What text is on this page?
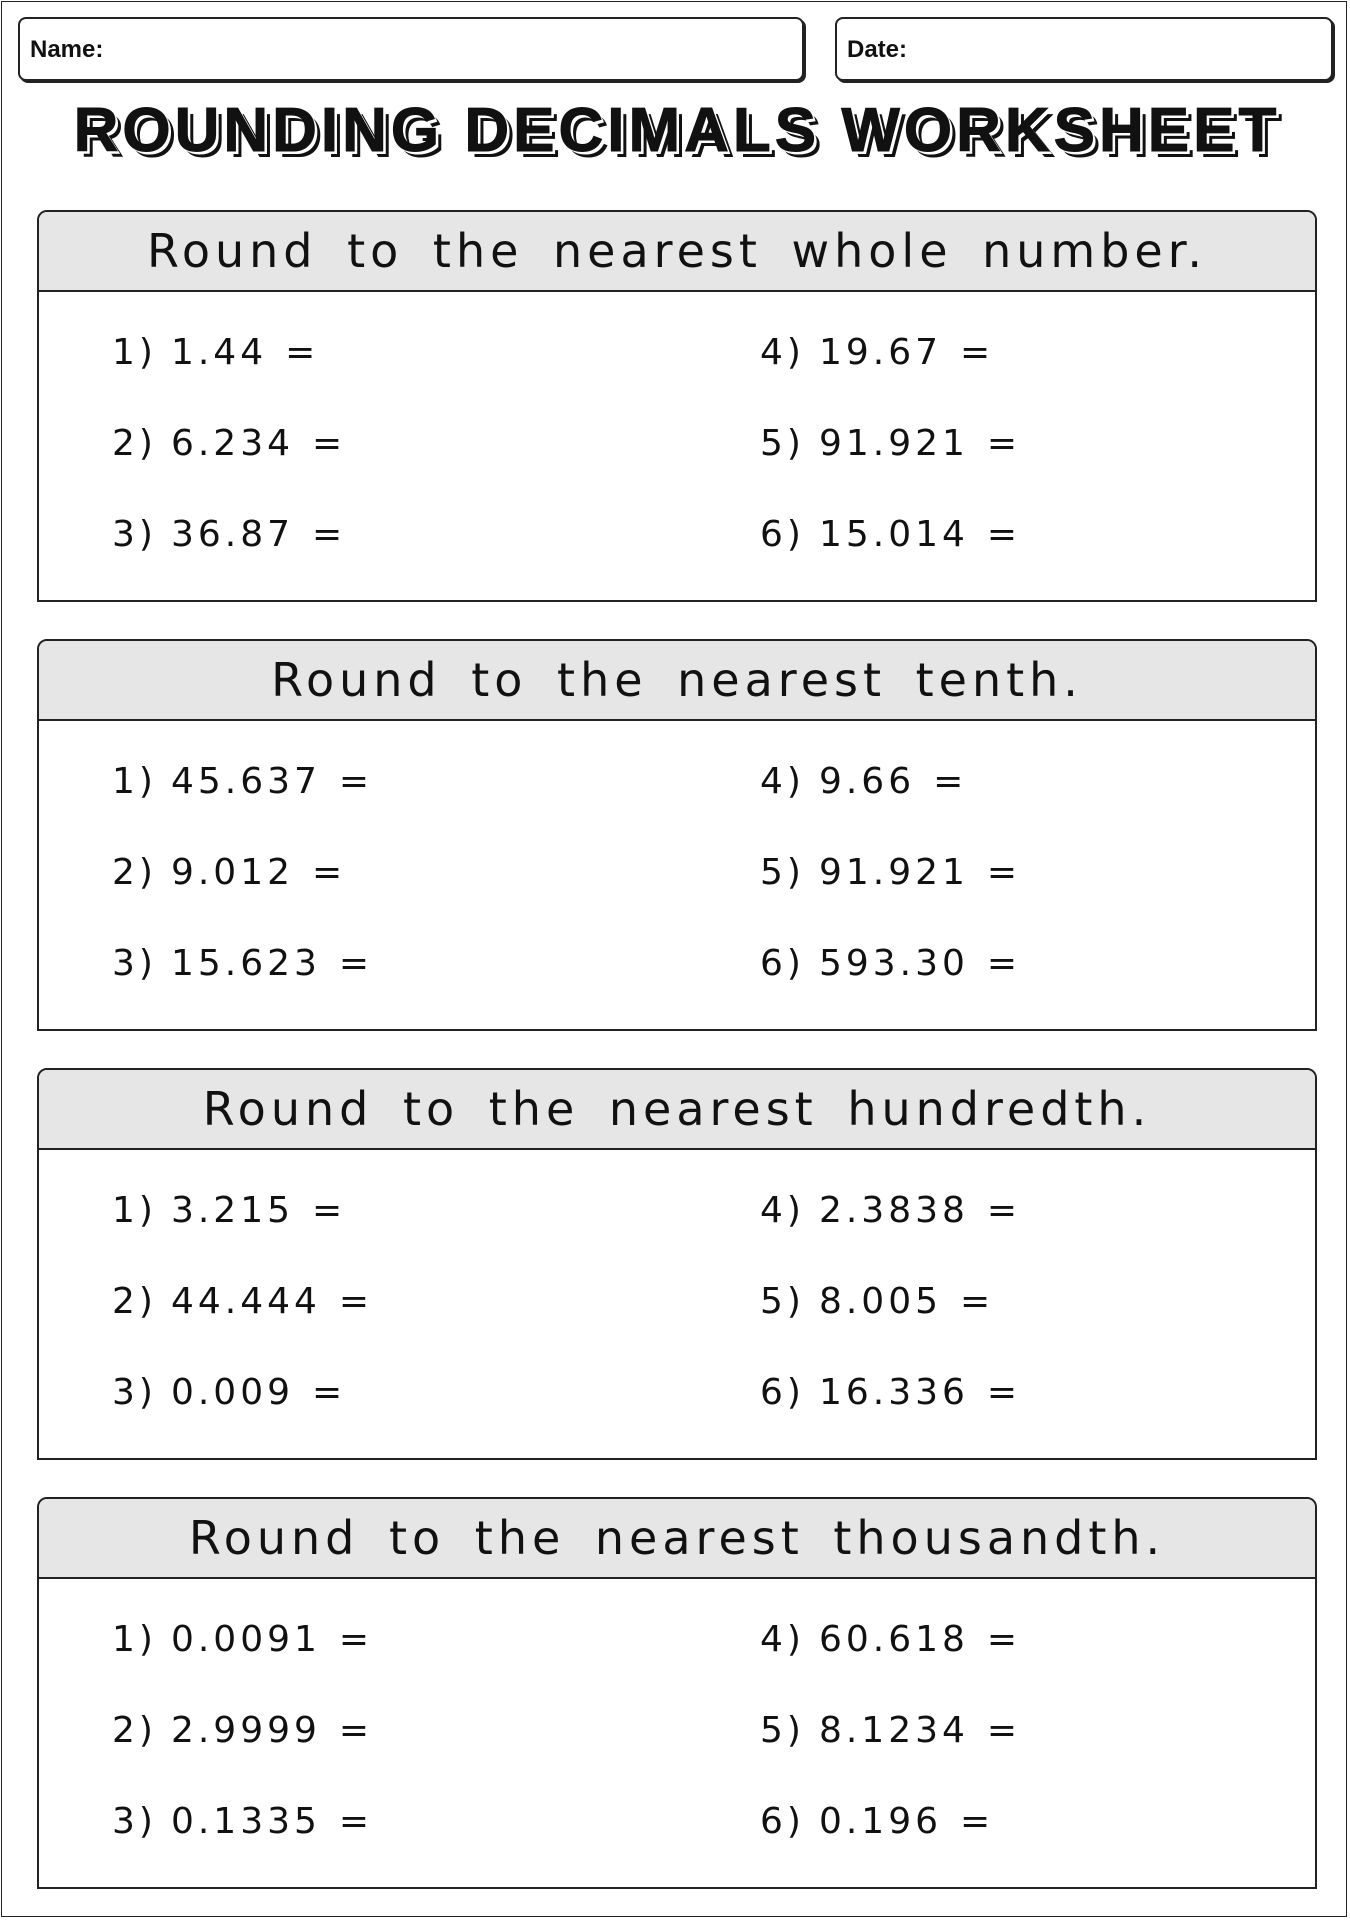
Name:	Date:
ROUNDING DECIMALS WORKSHEET
Round to the nearest whole number.
1) 1.44 =
2) 6.234 =
3) 36.87 =
4) 19.67 =
5) 91.921 =
6) 15.014 =
Round to the nearest tenth.
1) 45.637 =
2) 9.012 =
3) 15.623 =
4) 9.66 =
5) 91.921 =
6) 593.30 =
Round to the nearest hundredth.
1) 3.215 =
2) 44.444 =
3) 0.009 =
4) 2.3838 =
5) 8.005 =
6) 16.336 =
Round to the nearest thousandth.
1) 0.0091 =
2) 2.9999 =
3) 0.1335 =
4) 60.618 =
5) 8.1234 =
6) 0.196 =
